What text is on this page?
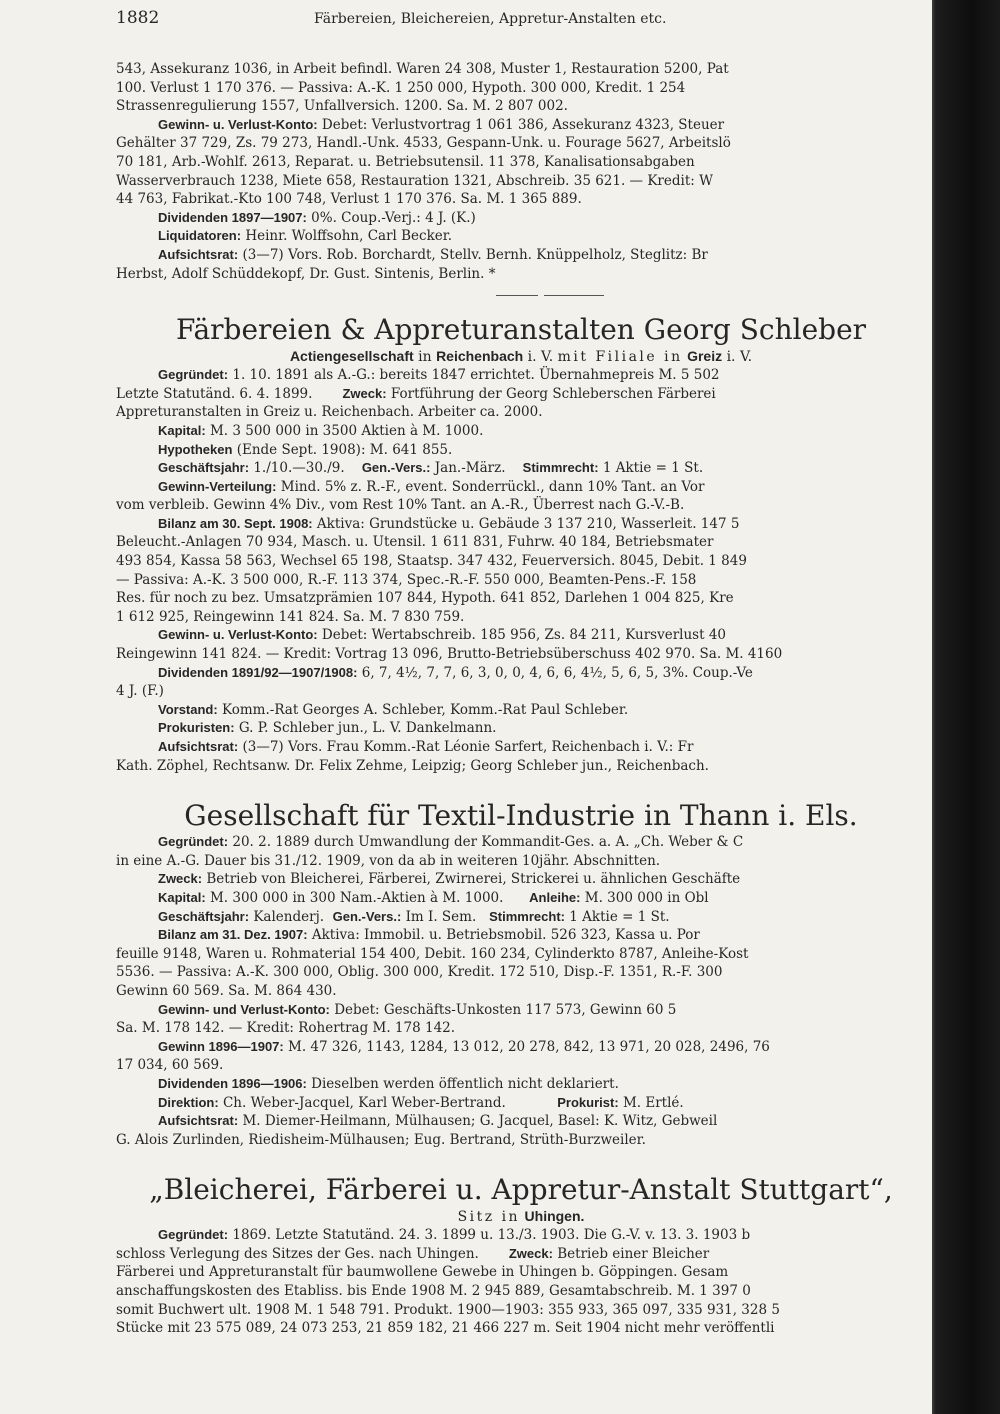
1882	Färbereien, Bleichereien, Appretur-Anstalten etc.
543, Assekuranz 1036, in Arbeit befindl. Waren 24 308, Muster 1, Restauration 5200, Pat
100. Verlust 1 170 376. — Passiva: A.-K. 1 250 000, Hypoth. 300 000, Kredit. 1 254
Strassenregulierung 1557, Unfallversich. 1200. Sa. M. 2 807 002.
Gewinn- u. Verlust-Konto: Debet: Verlustvortrag 1 061 386, Assekuranz 4323, Steuer
Gehälter 37 729, Zs. 79 273, Handl.-Unk. 4533, Gespann-Unk. u. Fourage 5627, Arbeitslö
70 181, Arb.-Wohlf. 2613, Reparat. u. Betriebsutensil. 11 378, Kanalisationsabgaben
Wasserverbrauch 1238, Miete 658, Restauration 1321, Abschreib. 35 621. — Kredit: W
44 763, Fabrikat.-Kto 100 748, Verlust 1 170 376. Sa. M. 1 365 889.
Dividenden 1897—1907: 0%. Coup.-Verj.: 4 J. (K.)
Liquidatoren: Heinr. Wolffsohn, Carl Becker.
Aufsichtsrat: (3—7) Vors. Rob. Borchardt, Stellv. Bernh. Knüppelholz, Steglitz: Br
Herbst, Adolf Schüddekopf, Dr. Gust. Sintenis, Berlin. *
Färbereien & Appreturanstalten Georg Schleber
Actiengesellschaft in Reichenbach i. V. mit Filiale in Greiz i. V.
Gegründet: 1. 10. 1891 als A.-G.: bereits 1847 errichtet. Übernahmepreis M. 5 502
Letzte Statutänd. 6. 4. 1899. Zweck: Fortführung der Georg Schleberschen Färberei
Appreturanstalten in Greiz u. Reichenbach. Arbeiter ca. 2000.
Kapital: M. 3 500 000 in 3500 Aktien à M. 1000.
Hypotheken (Ende Sept. 1908): M. 641 855.
Geschäftsjahr: 1./10.—30./9. Gen.-Vers.: Jan.-März. Stimmrecht: 1 Aktie = 1 St.
Gewinn-Verteilung: Mind. 5% z. R.-F., event. Sonderrückl., dann 10% Tant. an Vor
vom verbleib. Gewinn 4% Div., vom Rest 10% Tant. an A.-R., Überrest nach G.-V.-B.
Bilanz am 30. Sept. 1908: Aktiva: Grundstücke u. Gebäude 3 137 210, Wasserleit. 147 5
Beleucht.-Anlagen 70 934, Masch. u. Utensil. 1 611 831, Fuhrw. 40 184, Betriebsmater
493 854, Kassa 58 563, Wechsel 65 198, Staatsp. 347 432, Feuerversich. 8045, Debit. 1 849
— Passiva: A.-K. 3 500 000, R.-F. 113 374, Spec.-R.-F. 550 000, Beamten-Pens.-F. 158
Res. für noch zu bez. Umsatzprämien 107 844, Hypoth. 641 852, Darlehen 1 004 825, Kre
1 612 925, Reingewinn 141 824. Sa. M. 7 830 759.
Gewinn- u. Verlust-Konto: Debet: Wertabschreib. 185 956, Zs. 84 211, Kursverlust 40
Reingewinn 141 824. — Kredit: Vortrag 13 096, Brutto-Betriebsüberschuss 402 970. Sa. M. 4160
Dividenden 1891/92—1907/1908: 6, 7, 4½, 7, 7, 6, 3, 0, 0, 4, 6, 6, 4½, 5, 6, 5, 3%. Coup.-Ve
4 J. (F.)
Vorstand: Komm.-Rat Georges A. Schleber, Komm.-Rat Paul Schleber.
Prokuristen: G. P. Schleber jun., L. V. Dankelmann.
Aufsichtsrat: (3—7) Vors. Frau Komm.-Rat Léonie Sarfert, Reichenbach i. V.: Fr
Kath. Zöphel, Rechtsanw. Dr. Felix Zehme, Leipzig; Georg Schleber jun., Reichenbach.
Gesellschaft für Textil-Industrie in Thann i. Els.
Gegründet: 20. 2. 1889 durch Umwandlung der Kommandit-Ges. a. A. „Ch. Weber & C
in eine A.-G. Dauer bis 31./12. 1909, von da ab in weiteren 10jähr. Abschnitten.
Zweck: Betrieb von Bleicherei, Färberei, Zwirnerei, Strickerei u. ähnlichen Geschäfte
Kapital: M. 300 000 in 300 Nam.-Aktien à M. 1000. Anleihe: M. 300 000 in Obl
Geschäftsjahr: Kalenderj. Gen.-Vers.: Im I. Sem. Stimmrecht: 1 Aktie = 1 St.
Bilanz am 31. Dez. 1907: Aktiva: Immobil. u. Betriebsmobil. 526 323, Kassa u. Por
feuille 9148, Waren u. Rohmaterial 154 400, Debit. 160 234, Cylinderkto 8787, Anleihe-Kost
5536. — Passiva: A.-K. 300 000, Oblig. 300 000, Kredit. 172 510, Disp.-F. 1351, R.-F. 300
Gewinn 60 569. Sa. M. 864 430.
Gewinn- und Verlust-Konto: Debet: Geschäfts-Unkosten 117 573, Gewinn 60 5
Sa. M. 178 142. — Kredit: Rohertrag M. 178 142.
Gewinn 1896—1907: M. 47 326, 1143, 1284, 13 012, 20 278, 842, 13 971, 20 028, 2496, 76
17 034, 60 569.
Dividenden 1896—1906: Dieselben werden öffentlich nicht deklariert.
Direktion: Ch. Weber-Jacquel, Karl Weber-Bertrand.	Prokurist: M. Ertlé.
Aufsichtsrat: M. Diemer-Heilmann, Mülhausen; G. Jacquel, Basel: K. Witz, Gebweil
G. Alois Zurlinden, Riedisheim-Mülhausen; Eug. Bertrand, Strüth-Burzweiler.
„Bleicherei, Färberei u. Appretur-Anstalt Stuttgart“,
Sitz in Uhingen.
Gegründet: 1869. Letzte Statutänd. 24. 3. 1899 u. 13./3. 1903. Die G.-V. v. 13. 3. 1903 b
schloss Verlegung des Sitzes der Ges. nach Uhingen. Zweck: Betrieb einer Bleicher
Färberei und Appreturanstalt für baumwollene Gewebe in Uhingen b. Göppingen. Gesam
anschaffungskosten des Etabliss. bis Ende 1908 M. 2 945 889, Gesamtabschreib. M. 1 397 0
somit Buchwert ult. 1908 M. 1 548 791. Produkt. 1900—1903: 355 933, 365 097, 335 931, 328 5
Stücke mit 23 575 089, 24 073 253, 21 859 182, 21 466 227 m. Seit 1904 nicht mehr veröffentli
